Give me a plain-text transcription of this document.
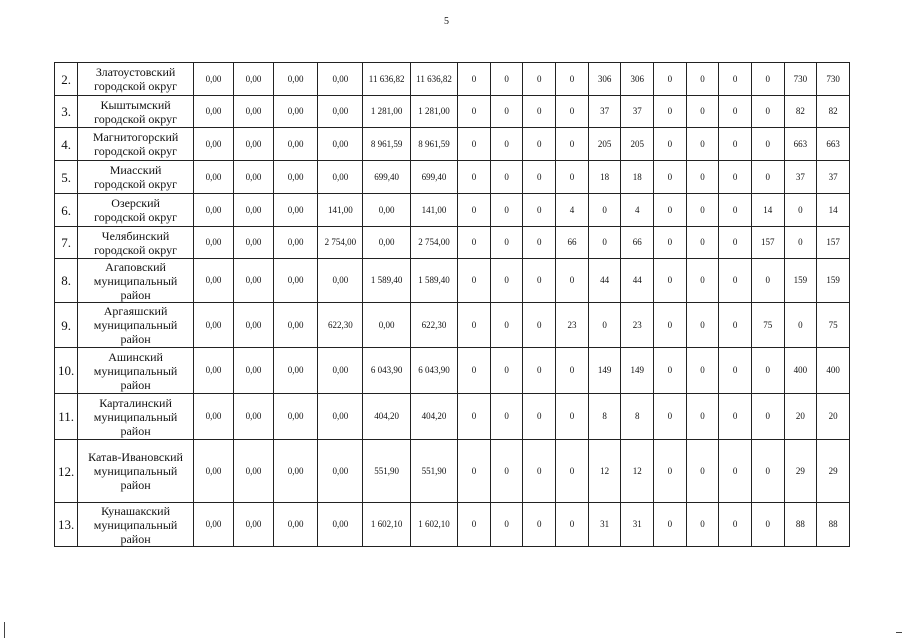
5
2.	Златоустовский
городской округ	0,00	0,00	0,00	0,00	11 636,82	11 636,82	0	0	0	0	306	306	0	0	0	0	730	730
3.	Кыштымский
городской округ	0,00	0,00	0,00	0,00	1 281,00	1 281,00	0	0	0	0	37	37	0	0	0	0	82	82
4.	Магнитогорский
городской округ	0,00	0,00	0,00	0,00	8 961,59	8 961,59	0	0	0	0	205	205	0	0	0	0	663	663
5.	Миасский
городской округ	0,00	0,00	0,00	0,00	699,40	699,40	0	0	0	0	18	18	0	0	0	0	37	37
6.	Озерский
городской округ	0,00	0,00	0,00	141,00	0,00	141,00	0	0	0	4	0	4	0	0	0	14	0	14
7.	Челябинский
городской округ	0,00	0,00	0,00	2 754,00	0,00	2 754,00	0	0	0	66	0	66	0	0	0	157	0	157
8.	Агаповский
муниципальный
район	0,00	0,00	0,00	0,00	1 589,40	1 589,40	0	0	0	0	44	44	0	0	0	0	159	159
9.	Аргаяшский
муниципальный
район	0,00	0,00	0,00	622,30	0,00	622,30	0	0	0	23	0	23	0	0	0	75	0	75
10.	Ашинский
муниципальный
район	0,00	0,00	0,00	0,00	6 043,90	6 043,90	0	0	0	0	149	149	0	0	0	0	400	400
11.	Карталинский
муниципальный
район	0,00	0,00	0,00	0,00	404,20	404,20	0	0	0	0	8	8	0	0	0	0	20	20
12.	Катав-Ивановский
муниципальный
район	0,00	0,00	0,00	0,00	551,90	551,90	0	0	0	0	12	12	0	0	0	0	29	29
13.	Кунашакский
муниципальный
район	0,00	0,00	0,00	0,00	1 602,10	1 602,10	0	0	0	0	31	31	0	0	0	0	88	88
